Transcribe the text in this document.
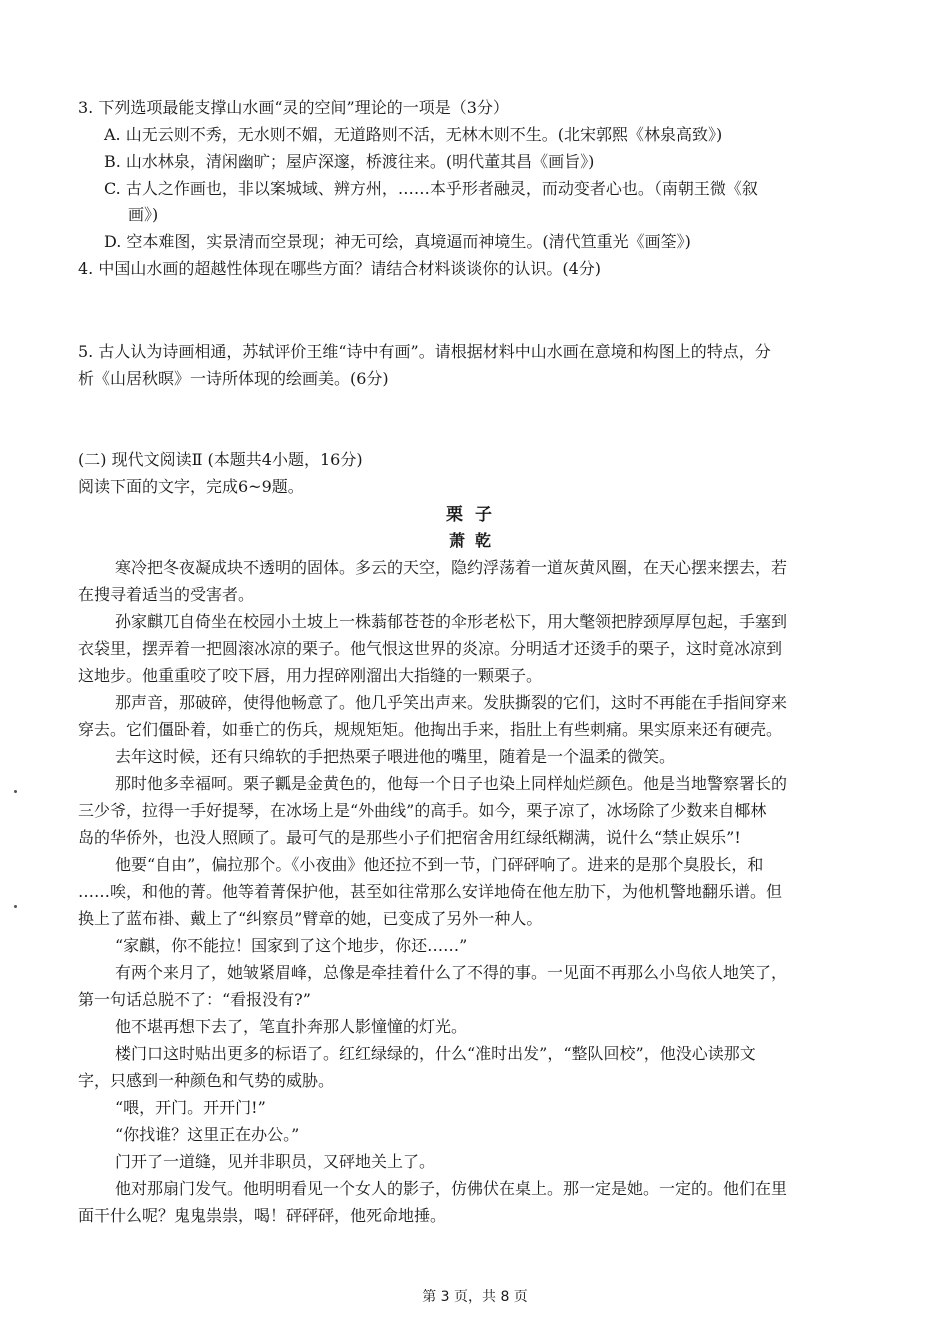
3. 下列选项最能支撑山水画“灵的空间”理论的一项是（3分）
A. 山无云则不秀，无水则不媚，无道路则不活，无林木则不生。(北宋郭熙《林泉高致》)
B. 山水林泉，清闲幽旷；屋庐深邃，桥渡往来。(明代董其昌《画旨》)
C. 古人之作画也，非以案城域、辨方州，……本乎形者融灵，而动变者心也。（南朝王微《叙
画》)
D. 空本难图，实景清而空景现；神无可绘，真境逼而神境生。(清代笪重光《画筌》)
4. 中国山水画的超越性体现在哪些方面？请结合材料谈谈你的认识。(4分)
5. 古人认为诗画相通，苏轼评价王维“诗中有画”。请根据材料中山水画在意境和构图上的特点，分
析《山居秋暝》一诗所体现的绘画美。(6分)
(二) 现代文阅读Ⅱ (本题共4小题，16分)
阅读下面的文字，完成6~9题。
栗子
萧乾
寒冷把冬夜凝成块不透明的固体。多云的天空，隐约浮荡着一道灰黄风圈，在天心摆来摆去，若
在搜寻着适当的受害者。
孙家麒兀自倚坐在校园小土坡上一株蓊郁苍苍的伞形老松下，用大氅领把脖颈厚厚包起，手塞到
衣袋里，摆弄着一把圆滚冰凉的栗子。他气恨这世界的炎凉。分明适才还烫手的栗子，这时竟冰凉到
这地步。他重重咬了咬下唇，用力捏碎刚溜出大指缝的一颗栗子。
那声音，那破碎，使得他畅意了。他几乎笑出声来。发肤撕裂的它们，这时不再能在手指间穿来
穿去。它们僵卧着，如垂亡的伤兵，规规矩矩。他掏出手来，指肚上有些刺痛。果实原来还有硬壳。
去年这时候，还有只绵软的手把热栗子喂进他的嘴里，随着是一个温柔的微笑。
那时他多幸福呵。栗子瓤是金黄色的，他每一个日子也染上同样灿烂颜色。他是当地警察署长的
三少爷，拉得一手好提琴，在冰场上是“外曲线”的高手。如今，栗子凉了，冰场除了少数来自椰林
岛的华侨外，也没人照顾了。最可气的是那些小子们把宿舍用红绿纸糊满，说什么“禁止娱乐”!
他要“自由”，偏拉那个。《小夜曲》他还拉不到一节，门砰砰响了。进来的是那个臭股长，和
……唉，和他的菁。他等着菁保护他，甚至如往常那么安详地倚在他左肋下，为他机警地翻乐谱。但
换上了蓝布褂、戴上了“纠察员”臂章的她，已变成了另外一种人。
“家麒，你不能拉！国家到了这个地步，你还……”
有两个来月了，她皱紧眉峰，总像是牵挂着什么了不得的事。一见面不再那么小鸟依人地笑了，
第一句话总脱不了：“看报没有?”
他不堪再想下去了，笔直扑奔那人影憧憧的灯光。
楼门口这时贴出更多的标语了。红红绿绿的，什么“准时出发”，“整队回校”，他没心读那文
字，只感到一种颜色和气势的威胁。
“喂，开门。开开门!”
“你找谁？这里正在办公。”
门开了一道缝，见并非职员，又砰地关上了。
他对那扇门发气。他明明看见一个女人的影子，仿佛伏在桌上。那一定是她。一定的。他们在里
面干什么呢？鬼鬼祟祟，喝！砰砰砰，他死命地捶。
第 3 页，共 8 页
